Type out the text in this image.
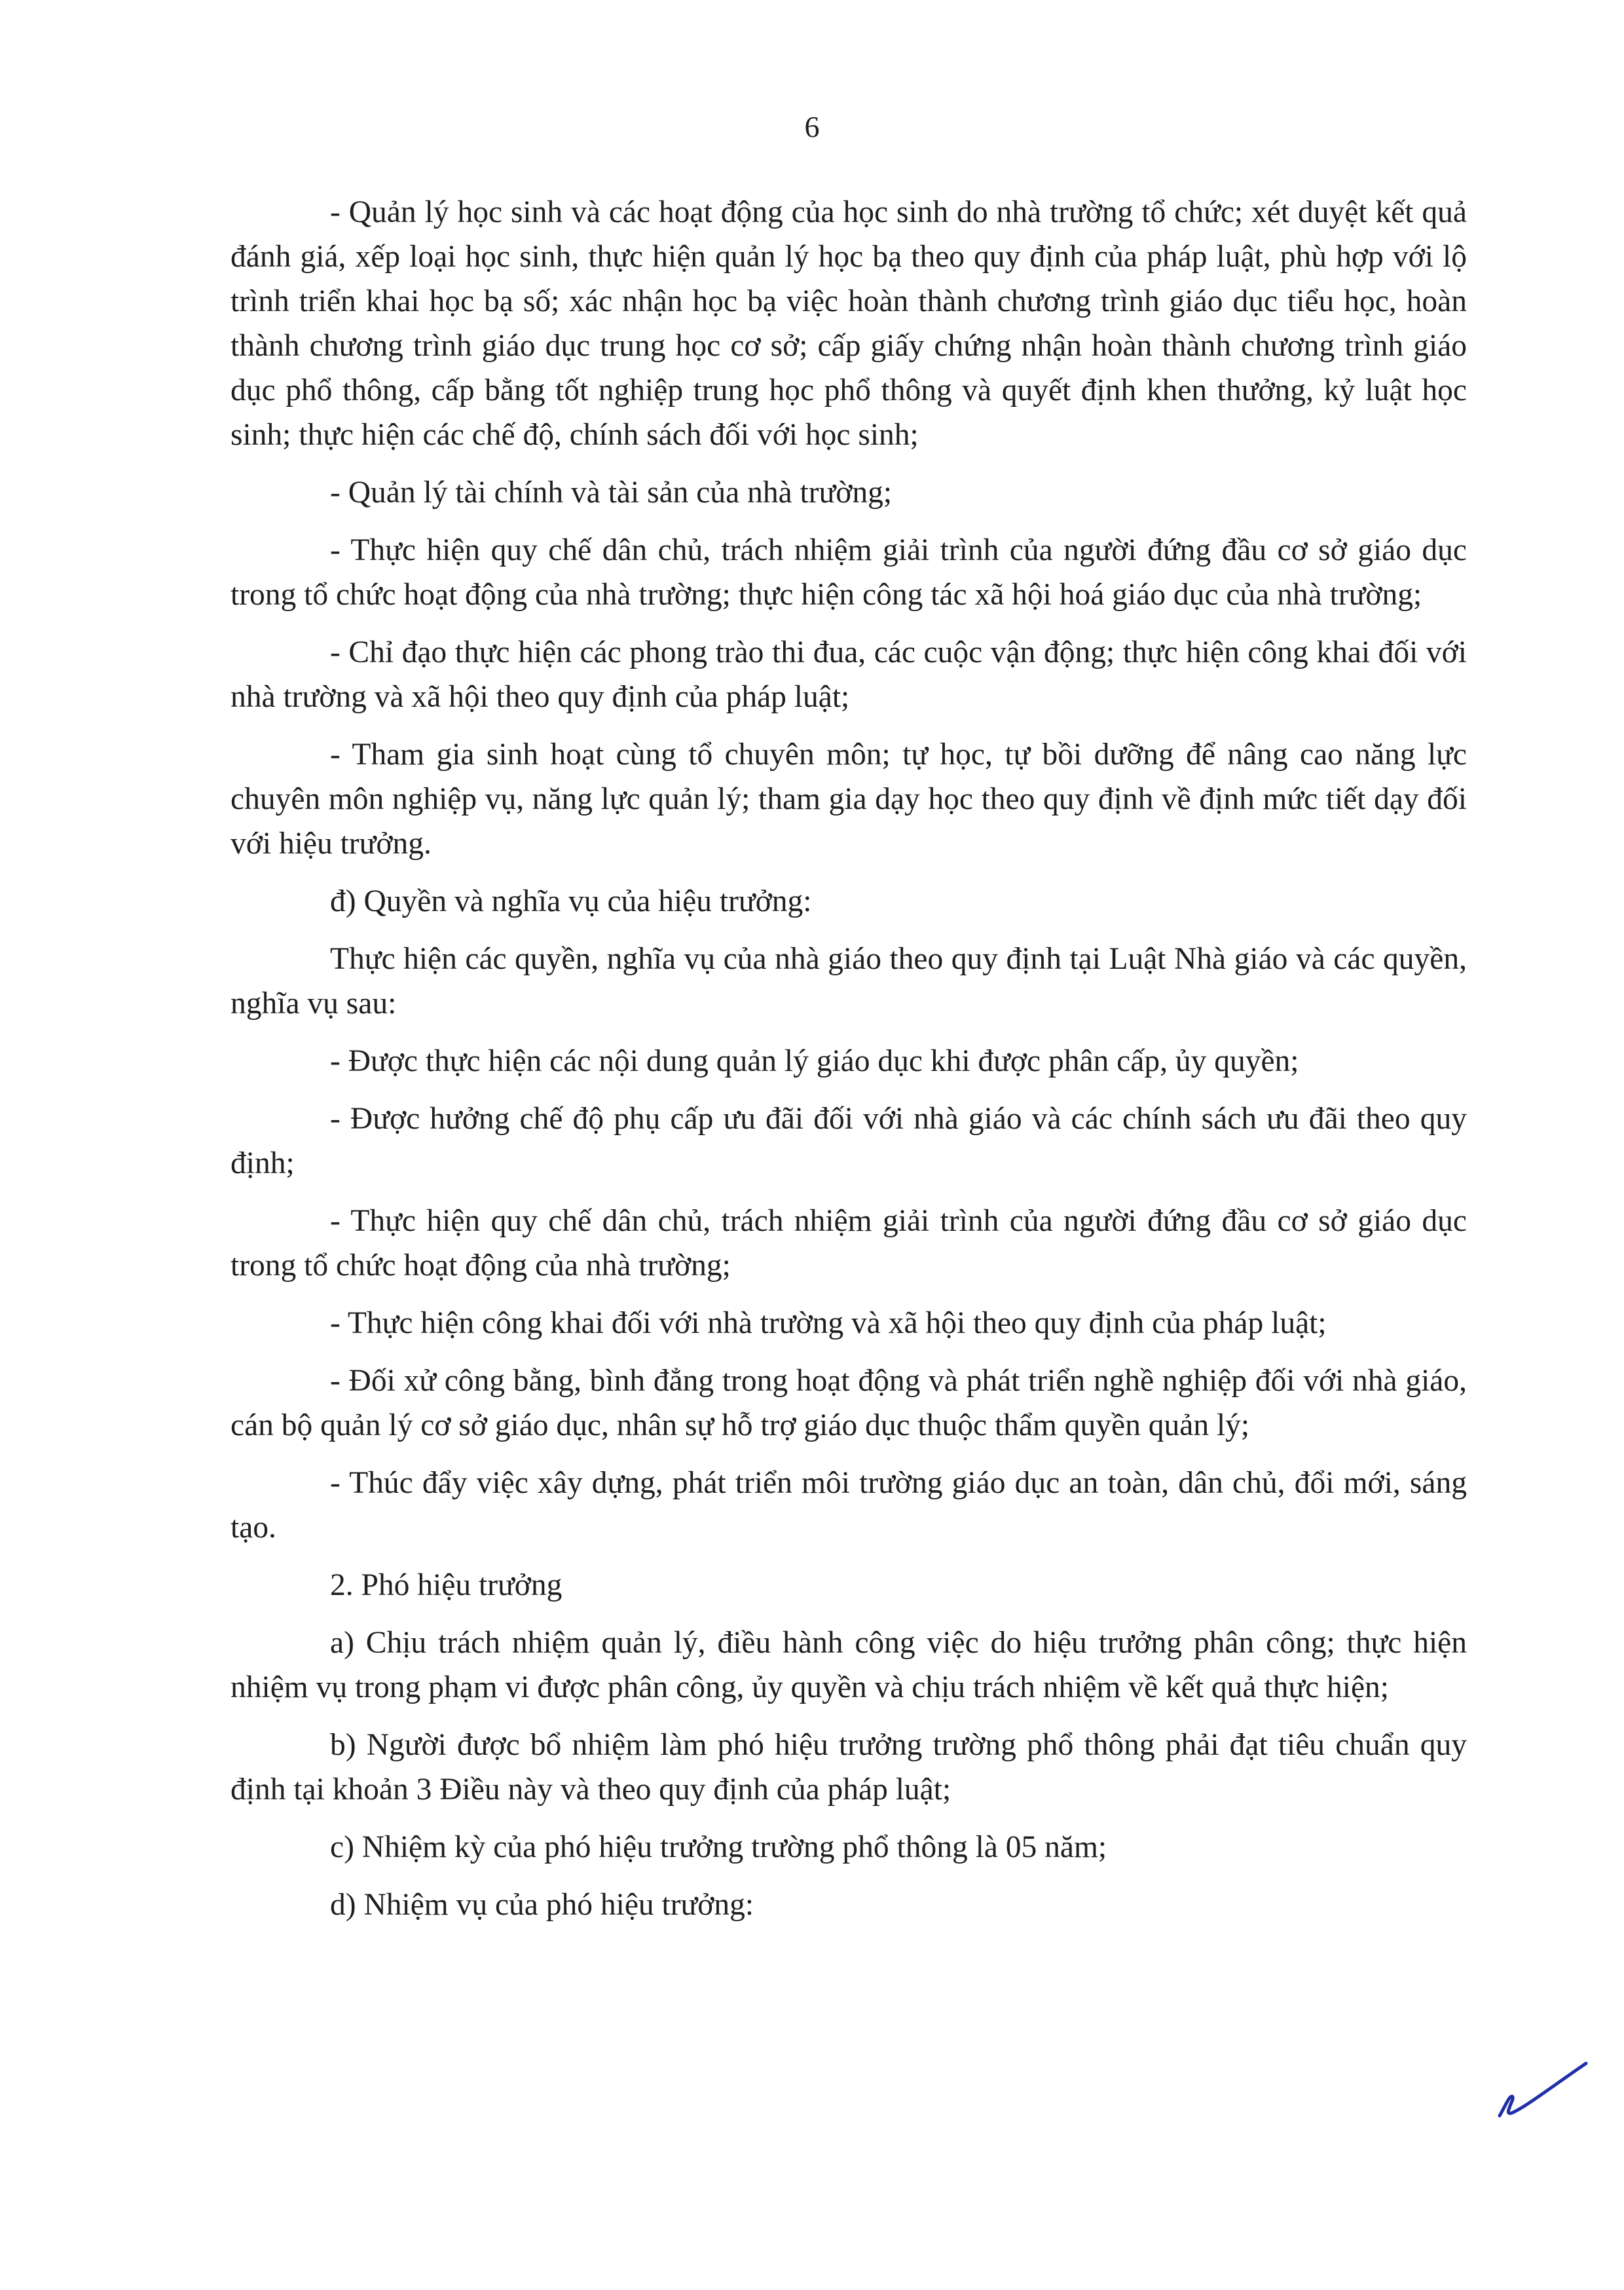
6

- Quản lý học sinh và các hoạt động của học sinh do nhà trường tổ chức; xét duyệt kết quả đánh giá, xếp loại học sinh, thực hiện quản lý học bạ theo quy định của pháp luật, phù hợp với lộ trình triển khai học bạ số; xác nhận học bạ việc hoàn thành chương trình giáo dục tiểu học, hoàn thành chương trình giáo dục trung học cơ sở; cấp giấy chứng nhận hoàn thành chương trình giáo dục phổ thông, cấp bằng tốt nghiệp trung học phổ thông và quyết định khen thưởng, kỷ luật học sinh; thực hiện các chế độ, chính sách đối với học sinh;

- Quản lý tài chính và tài sản của nhà trường;

- Thực hiện quy chế dân chủ, trách nhiệm giải trình của người đứng đầu cơ sở giáo dục trong tổ chức hoạt động của nhà trường; thực hiện công tác xã hội hoá giáo dục của nhà trường;

- Chỉ đạo thực hiện các phong trào thi đua, các cuộc vận động; thực hiện công khai đối với nhà trường và xã hội theo quy định của pháp luật;

- Tham gia sinh hoạt cùng tổ chuyên môn; tự học, tự bồi dưỡng để nâng cao năng lực chuyên môn nghiệp vụ, năng lực quản lý; tham gia dạy học theo quy định về định mức tiết dạy đối với hiệu trưởng.

đ) Quyền và nghĩa vụ của hiệu trưởng:

Thực hiện các quyền, nghĩa vụ của nhà giáo theo quy định tại Luật Nhà giáo và các quyền, nghĩa vụ sau:

- Được thực hiện các nội dung quản lý giáo dục khi được phân cấp, ủy quyền;

- Được hưởng chế độ phụ cấp ưu đãi đối với nhà giáo và các chính sách ưu đãi theo quy định;

- Thực hiện quy chế dân chủ, trách nhiệm giải trình của người đứng đầu cơ sở giáo dục trong tổ chức hoạt động của nhà trường;

- Thực hiện công khai đối với nhà trường và xã hội theo quy định của pháp luật;

- Đối xử công bằng, bình đẳng trong hoạt động và phát triển nghề nghiệp đối với nhà giáo, cán bộ quản lý cơ sở giáo dục, nhân sự hỗ trợ giáo dục thuộc thẩm quyền quản lý;

- Thúc đẩy việc xây dựng, phát triển môi trường giáo dục an toàn, dân chủ, đổi mới, sáng tạo.

2. Phó hiệu trưởng

a) Chịu trách nhiệm quản lý, điều hành công việc do hiệu trưởng phân công; thực hiện nhiệm vụ trong phạm vi được phân công, ủy quyền và chịu trách nhiệm về kết quả thực hiện;

b) Người được bổ nhiệm làm phó hiệu trưởng trường phổ thông phải đạt tiêu chuẩn quy định tại khoản 3 Điều này và theo quy định của pháp luật;

c) Nhiệm kỳ của phó hiệu trưởng trường phổ thông là 05 năm;

d) Nhiệm vụ của phó hiệu trưởng:
